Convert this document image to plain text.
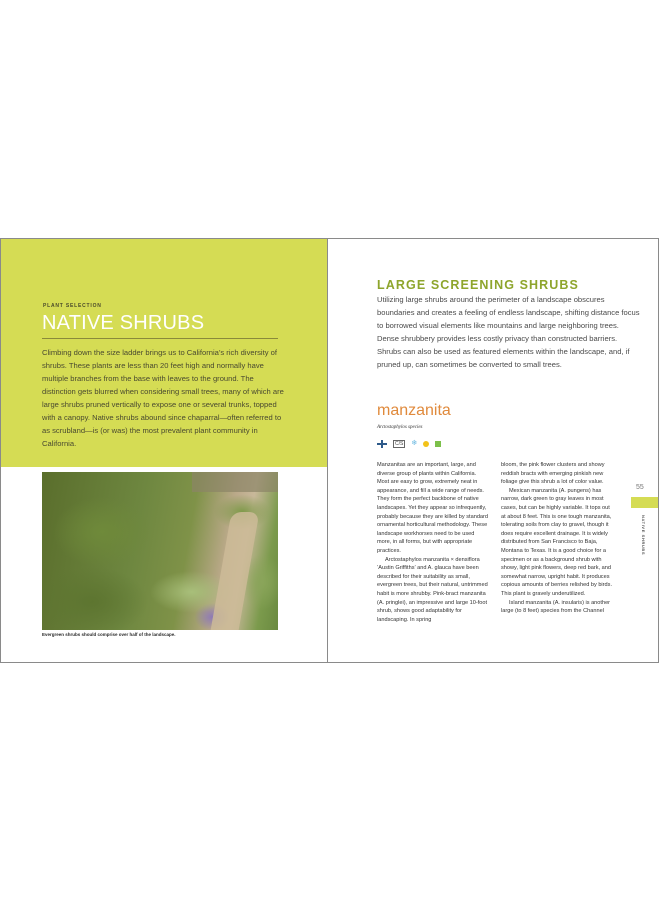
PLANT SELECTION
NATIVE SHRUBS

Climbing down the size ladder brings us to California’s rich diversity of shrubs. These plants are less than 20 feet high and normally have multiple branches from the base with leaves to the ground. The distinction gets blurred when considering small trees, many of which are large shrubs pruned vertically to expose one or several trunks, topped with a canopy. Native shrubs abound since chaparral—often referred to as scrubland—is (or was) the most prevalent plant community in California.

Evergreen shrubs should comprise over half of the landscape.
LARGE SCREENING SHRUBS

Utilizing large shrubs around the perimeter of a landscape obscures boundaries and creates a feeling of endless landscape, shifting distance focus to borrowed visual elements like mountains and large neighboring trees. Dense shrubbery provides less costly privacy than constructed barriers. Shrubs can also be used as featured elements within the landscape, and, if pruned up, can sometimes be converted to small trees.

manzanita
Arctostaphylos species
C/S ❄

Manzanitas are an important, large, and diverse group of plants within California. Most are easy to grow, extremely neat in appearance, and fill a wide range of needs. They form the perfect backbone of native landscapes. Yet they appear so infrequently, probably because they are killed by standard ornamental horticultural methodology. These landscape workhorses need to be used more, in all forms, but with appropriate practices.

Arctostaphylos manzanita × densiflora ‘Austin Griffiths’ and A. glauca have been described for their suitability as small, evergreen trees, but their natural, untrimmed habit is more shrubby. Pink-bract manzanita (A. pringlei), an impressive and large 10-foot shrub, shows good adaptability for landscaping. In spring

bloom, the pink flower clusters and showy reddish bracts with emerging pinkish new foliage give this shrub a lot of color value.

Mexican manzanita (A. pungens) has narrow, dark green to gray leaves in most cases, but can be highly variable. It tops out at about 8 feet. This is one tough manzanita, tolerating soils from clay to gravel, though it does require excellent drainage. It is widely distributed from San Francisco to Baja, Montana to Texas. It is a good choice for a specimen or as a background shrub with showy, light pink flowers, deep red bark, and somewhat narrow, upright habit. It produces copious amounts of berries relished by birds. This plant is gravely underutilized.

Island manzanita (A. insularis) is another large (to 8 feet) species from the Channel

55
NATIVE SHRUBS
